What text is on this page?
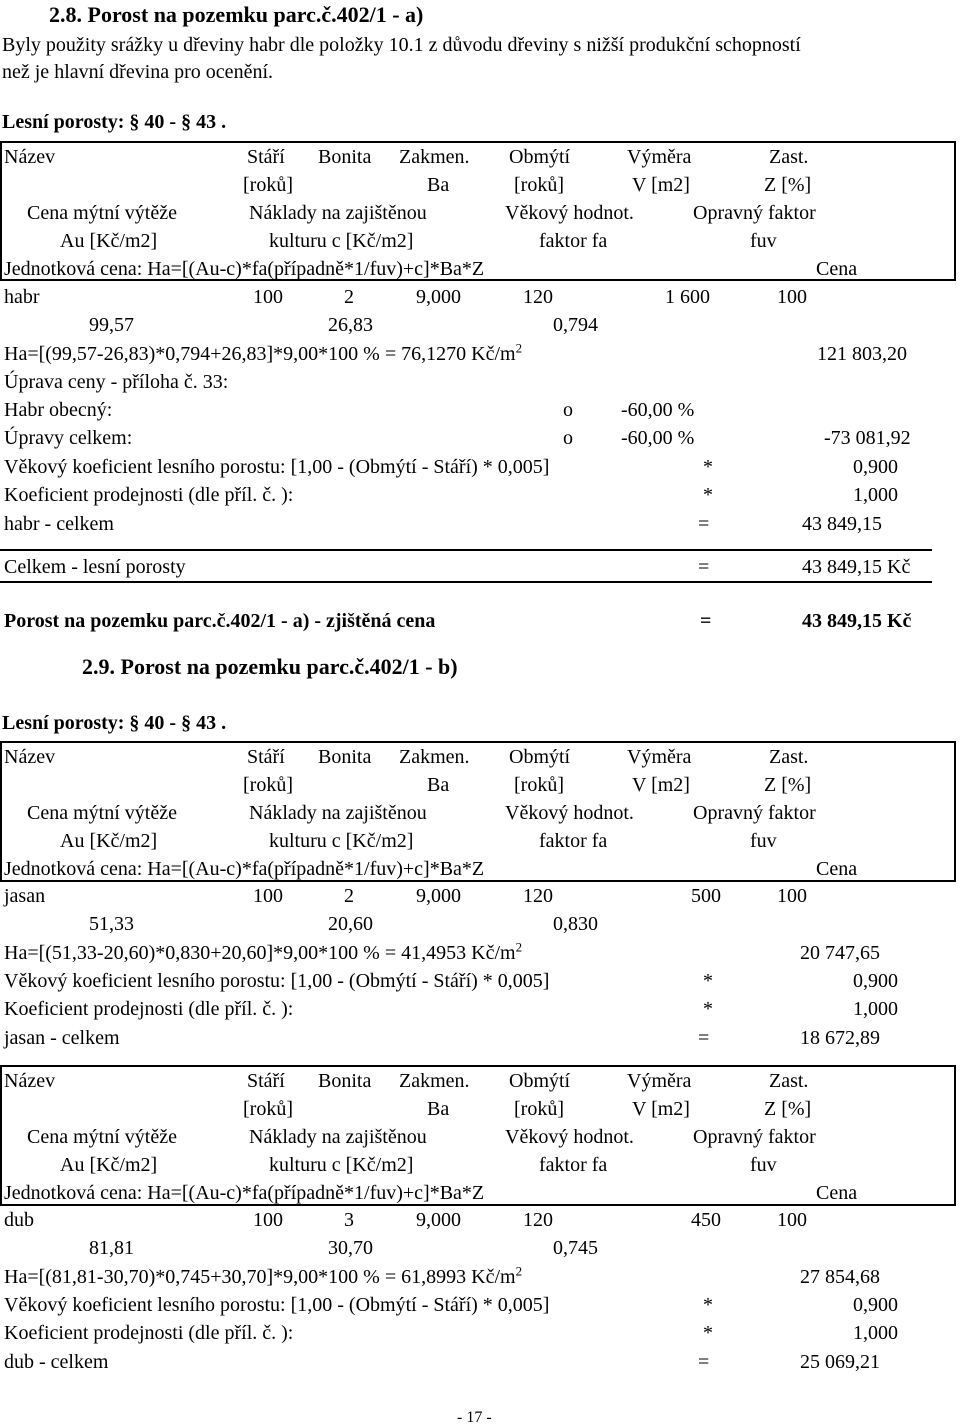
2.8. Porost na pozemku parc.č.402/1 - a)
Byly použity srážky u dřeviny habr dle položky 10.1 z důvodu dřeviny s nižší produkční schopností
než je hlavní dřevina pro ocenění.
Lesní porosty: § 40 - § 43 .
Název	Stáří Bonita Zakmen. Obmýtí	Výměra	Zast.
[roků]	Ba	[roků]	V [m2]	Z [%]
Cena mýtní výtěže	Náklady na zajištěnou	Věkový hodnot.	Opravný faktor
Au [Kč/m2]	kulturu c [Kč/m2]	faktor fa	fuv
Jednotková cena: Ha=[(Au-c)*fa(případně*1/fuv)+c]*Ba*Z	Cena
habr	100	2	9,000	120	1 600	100
99,57	26,83	0,794
Ha=[(99,57-26,83)*0,794+26,83]*9,00*100 % = 76,1270 $Kč/m^2$	121 803,20
Úprava ceny - příloha č. 33:
Habr obecný:	o -60,00 %
Úpravy celkem:	o -60,00 %	-73 081,92
Věkový koeficient lesního porostu: [1,00 - (Obmýtí - Stáří) * 0,005]	*	0,900
Koeficient prodejnosti (dle příl. č. ):	*	1,000
habr - celkem	=	43 849,15
Celkem - lesní porosty	=	43 849,15 Kč
Porost na pozemku parc.č.402/1 - a) - zjištěná cena	=	43 849,15 Kč
2.9. Porost na pozemku parc.č.402/1 - b)
Lesní porosty: § 40 - § 43 .
Název	Stáří Bonita Zakmen. Obmýtí	Výměra	Zast.
[roků]	Ba	[roků]	V [m2]	Z [%]
Cena mýtní výtěže	Náklady na zajištěnou	Věkový hodnot.	Opravný faktor
Au [Kč/m2]	kulturu c [Kč/m2]	faktor fa	fuv
Jednotková cena: Ha=[(Au-c)*fa(případně*1/fuv)+c]*Ba*Z	Cena
jasan	100	2	9,000	120	500	100
51,33	20,60	0,830
Ha=[(51,33-20,60)*0,830+20,60]*9,00*100 % = 41,4953 $Kč/m^2$	20 747,65
Věkový koeficient lesního porostu: [1,00 - (Obmýtí - Stáří) * 0,005]	*	0,900
Koeficient prodejnosti (dle příl. č. ):	*	1,000
jasan - celkem	=	18 672,89
Název	Stáří Bonita Zakmen. Obmýtí	Výměra	Zast.
[roků]	Ba	[roků]	V [m2]	Z [%]
Cena mýtní výtěže	Náklady na zajištěnou	Věkový hodnot.	Opravný faktor
Au [Kč/m2]	kulturu c [Kč/m2]	faktor fa	fuv
Jednotková cena: Ha=[(Au-c)*fa(případně*1/fuv)+c]*Ba*Z	Cena
dub	100	3	9,000	120	450	100
81,81	30,70	0,745
Ha=[(81,81-30,70)*0,745+30,70]*9,00*100 % = 61,8993 $Kč/m^2$	27 854,68
Věkový koeficient lesního porostu: [1,00 - (Obmýtí - Stáří) * 0,005]	*	0,900
Koeficient prodejnosti (dle příl. č. ):	*	1,000
dub - celkem	=	25 069,21
- 17 -
